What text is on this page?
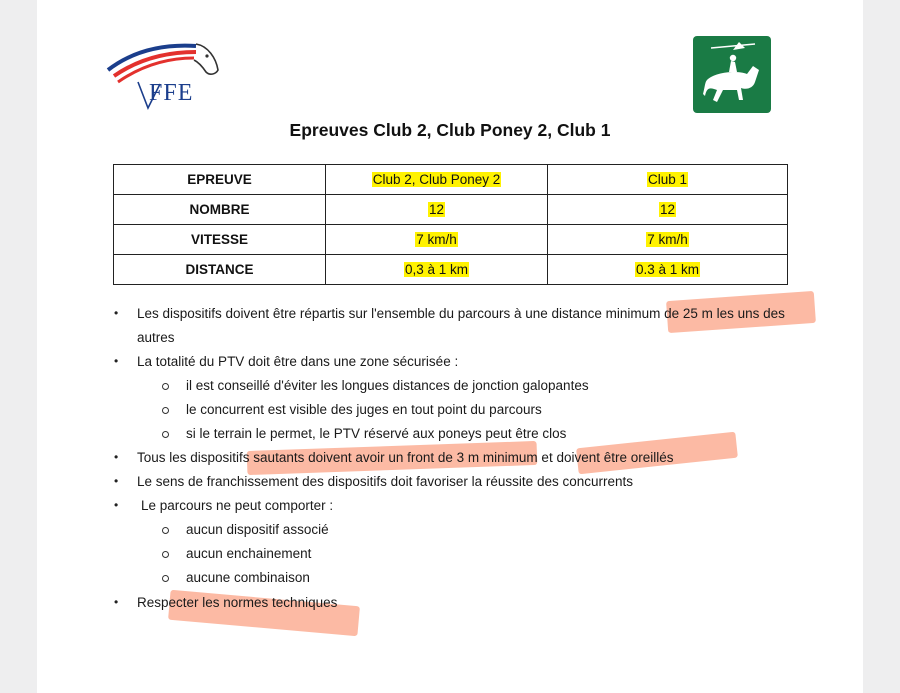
FFE
Epreuves Club 2, Club Poney 2, Club 1
EPREUVE	Club 2, Club Poney 2	Club 1
NOMBRE	12	12
VITESSE	7 km/h	7 km/h
DISTANCE	0,3 à 1 km	0.3 à 1 km
• Les dispositifs doivent être répartis sur l'ensemble du parcours à une distance minimum de 25 m les uns des
autres
• La totalité du PTV doit être dans une zone sécurisée :
il est conseillé d'éviter les longues distances de jonction galopantes
le concurrent est visible des juges en tout point du parcours
si le terrain le permet, le PTV réservé aux poneys peut être clos
• Tous les dispositifs sautants doivent avoir un front de 3 m minimum et doivent être oreillés
• Le sens de franchissement des dispositifs doit favoriser la réussite des concurrents
• Le parcours ne peut comporter :
aucun dispositif associé
aucun enchainement
aucune combinaison
• Respecter les normes techniques
